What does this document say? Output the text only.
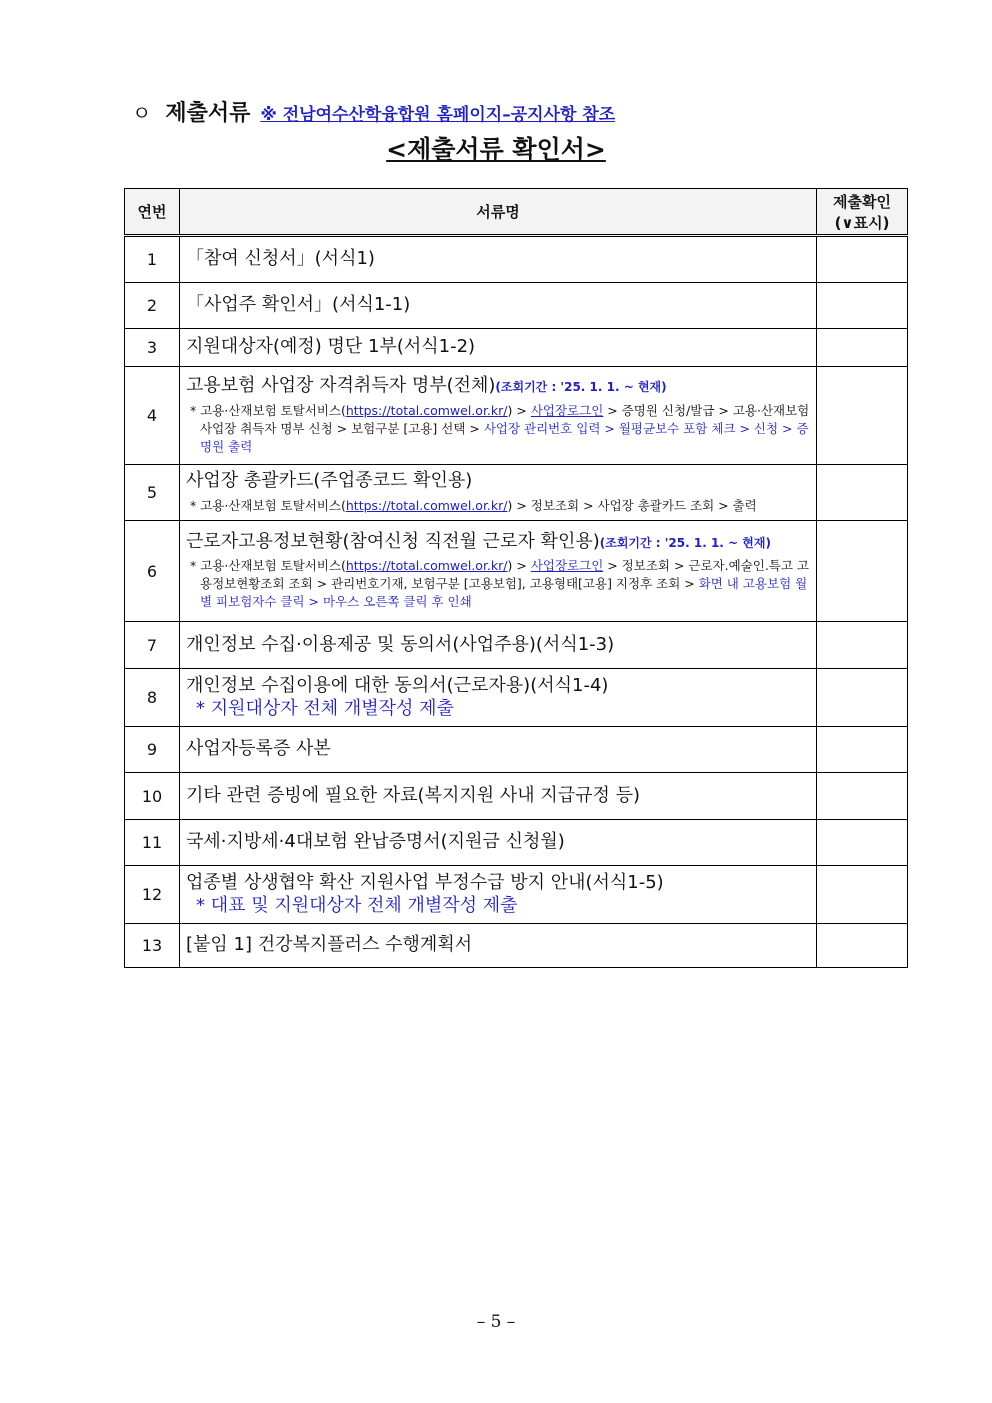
ㅇ 제출서류 ※ 전남여수산학융합원 홈페이지–공지사항 참조
<제출서류 확인서>
연번	서류명	제출확인
(∨표시)
1	「참여 신청서」(서식1)	
2	「사업주 확인서」(서식1-1)	
3	지원대상자(예정) 명단 1부(서식1-2)	
4	고용보험 사업장 자격취득자 명부(전체)(조회기간 : '25. 1. 1. ~ 현재)
* 고용·산재보험 토탈서비스(https://total.comwel.or.kr/) > 사업장로그인 > 증명원 신청/발급 > 고용·산재보험 사업장 취득자 명부 신청 > 보험구분 [고용] 선택 > 사업장 관리번호 입력 > 월평균보수 포함 체크 > 신청 > 증명원 출력	

5	사업장 총괄카드(주업종코드 확인용)
* 고용·산재보험 토탈서비스(https://total.comwel.or.kr/) > 정보조회 > 사업장 총괄카드 조회 > 출력	

6	근로자고용정보현황(참여신청 직전월 근로자 확인용)(조회기간 : '25. 1. 1. ~ 현재)
* 고용·산재보험 토탈서비스(https://total.comwel.or.kr/) > 사업장로그인 > 정보조회 > 근로자.예술인.특고 고용정보현황조회 조회 > 관리번호기재, 보험구분 [고용보험], 고용형태[고용] 지정후 조회 > 화면 내 고용보험 월별 피보험자수 클릭 > 마우스 오른쪽 클릭 후 인쇄	

7	개인정보 수집·이용제공 및 동의서(사업주용)(서식1-3)	
8	개인정보 수집이용에 대한 동의서(근로자용)(서식1-4)
* 지원대상자 전체 개별작성 제출	

9	사업자등록증 사본	
10	기타 관련 증빙에 필요한 자료(복지지원 사내 지급규정 등)	
11	국세·지방세·4대보험 완납증명서(지원금 신청월)	
12	업종별 상생협약 확산 지원사업 부정수급 방지 안내(서식1-5)
* 대표 및 지원대상자 전체 개별작성 제출	

13	[붙임 1] 건강복지플러스 수행계획서	
– 5 –
